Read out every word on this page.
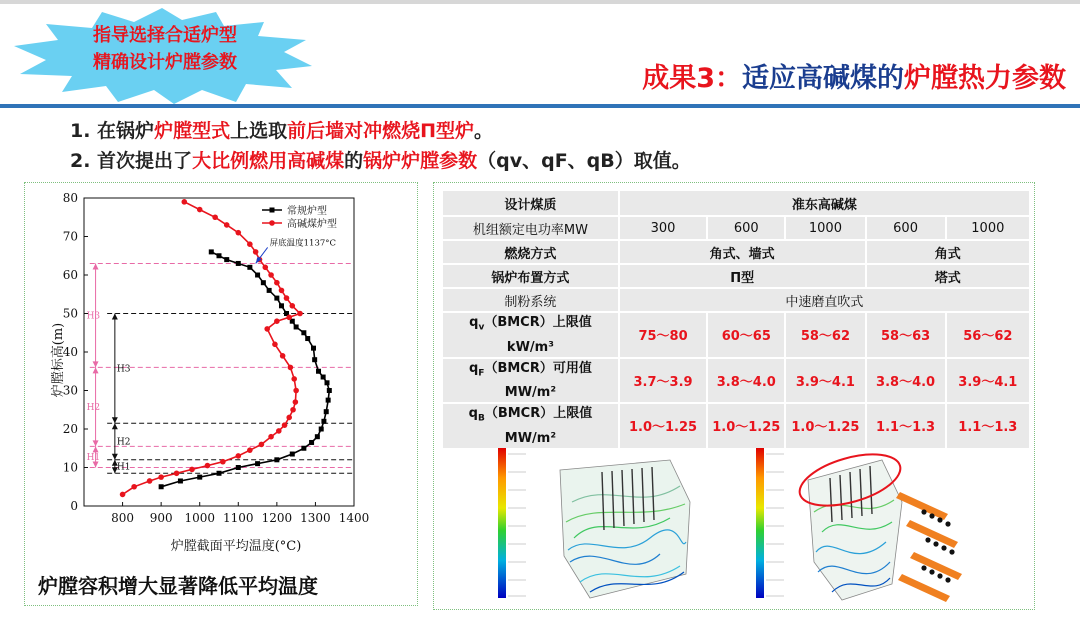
指导选择合适炉型
精确设计炉膛参数
成果3：适应高碱煤的炉膛热力参数
1. 在锅炉炉膛型式上选取前后墙对冲燃烧Π型炉。
2. 首次提出了大比例燃用高碱煤的锅炉炉膛参数（qv、qF、qB）取值。
H1
H2
H3
H1
H2
H3
800 900 1000 1100 1200 1300 1400
0
10
20
30
40
50
60
70
80
常规炉型
高碱煤炉型
炉膛截面平均温度(°C)
炉膛标高(m)
屏底温度1137°C
炉膛容积增大显著降低平均温度
设计煤质	准东高碱煤				
机组额定电功率MW	300	600	1000	600	1000
燃烧方式	角式、墙式			角式	
锅炉布置方式	Π型			塔式	
制粉系统	中速磨直吹式				
$q_v(BMCR)$上限值
kW/m³	75～80	60～65	58～62	58～63	56～62
$q_F(BMCR)$可用值
MW/m²	3.7～3.9	3.8～4.0	3.9～4.1	3.8～4.0	3.9～4.1
$q_B(BMCR)$上限值
MW/m²	1.0～1.25	1.0～1.25	1.0～1.25	1.1～1.3	1.1～1.3
